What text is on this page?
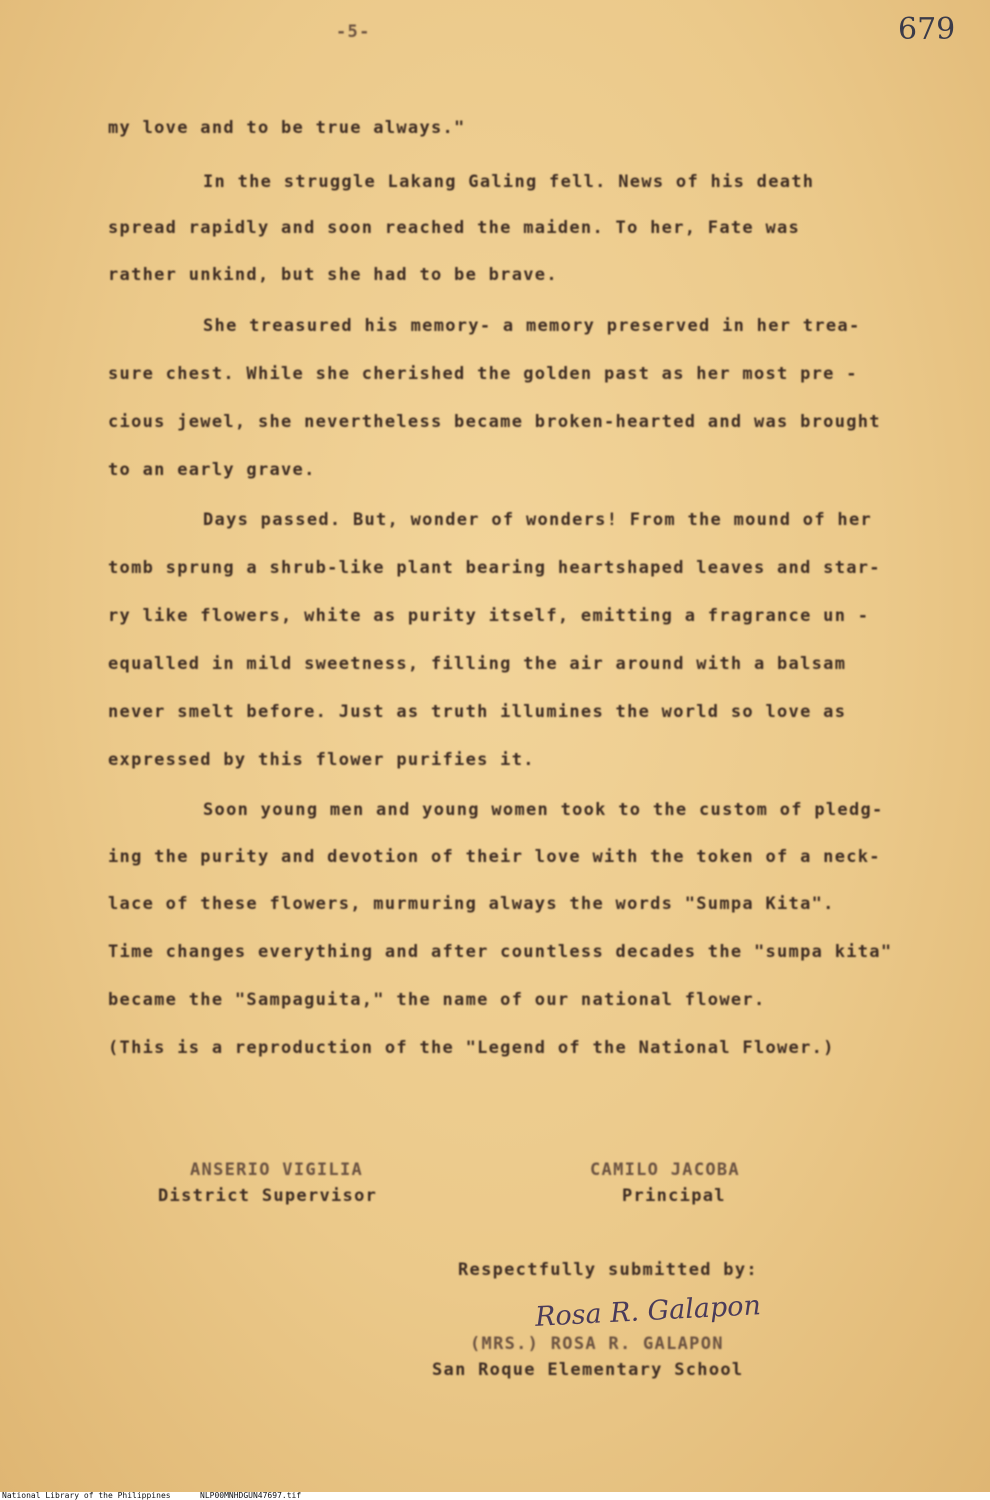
-5-	679
my love and to be true always."
In the struggle Lakang Galing fell. News of his death
spread rapidly and soon reached the maiden. To her, Fate was
rather unkind, but she had to be brave.
She treasured his memory- a memory preserved in her trea-
sure chest. While she cherished the golden past as her most pre -
cious jewel, she nevertheless became broken-hearted and was brought
to an early grave.
Days passed. But, wonder of wonders! From the mound of her
tomb sprung a shrub-like plant bearing heartshaped leaves and star-
ry like flowers, white as purity itself, emitting a fragrance un -
equalled in mild sweetness, filling the air around with a balsam
never smelt before. Just as truth illumines the world so love as
expressed by this flower purifies it.
Soon young men and young women took to the custom of pledg-
ing the purity and devotion of their love with the token of a neck-
lace of these flowers, murmuring always the words "Sumpa Kita".
Time changes everything and after countless decades the "sumpa kita"
became the "Sampaguita," the name of our national flower.
(This is a reproduction of the "Legend of the National Flower.)
ANSERIO VIGILIA
District Supervisor
CAMILO JACOBA
Principal
Respectfully submitted by:
Rosa R. Galapon
(MRS.) ROSA R. GALAPON
San Roque Elementary School
National Library of the Philippines	NLP00MNHDGUN47697.tif
